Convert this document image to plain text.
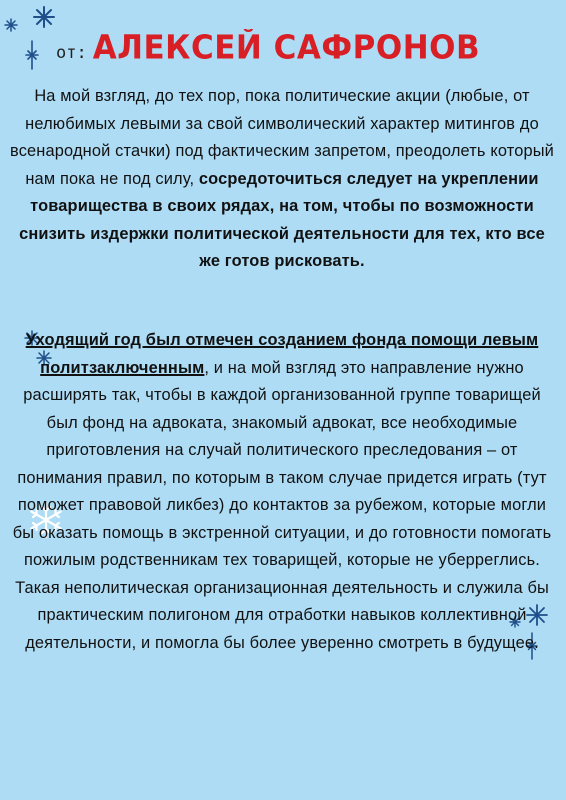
от: АЛЕКСЕЙ САФРОНОВ
На мой взгляд, до тех пор, пока политические акции (любые, от нелюбимых левыми за свой символический характер митингов до всенародной стачки) под фактическим запретом, преодолеть который нам пока не под силу, сосредоточиться следует на укреплении товарищества в своих рядах, на том, чтобы по возможности снизить издержки политической деятельности для тех, кто все же готов рисковать.
Уходящий год был отмечен созданием фонда помощи левым политзаключенным, и на мой взгляд это направление нужно расширять так, чтобы в каждой организованной группе товарищей был фонд на адвоката, знакомый адвокат, все необходимые приготовления на случай политического преследования – от понимания правил, по которым в таком случае придется играть (тут поможет правовой ликбез) до контактов за рубежом, которые могли бы оказать помощь в экстренной ситуации, и до готовности помогать пожилым родственникам тех товарищей, которые не уберреглись. Такая неполитическая организационная деятельность и служила бы практическим полигоном для отработки навыков коллективной деятельности, и помогла бы более уверенно смотреть в будущее.
